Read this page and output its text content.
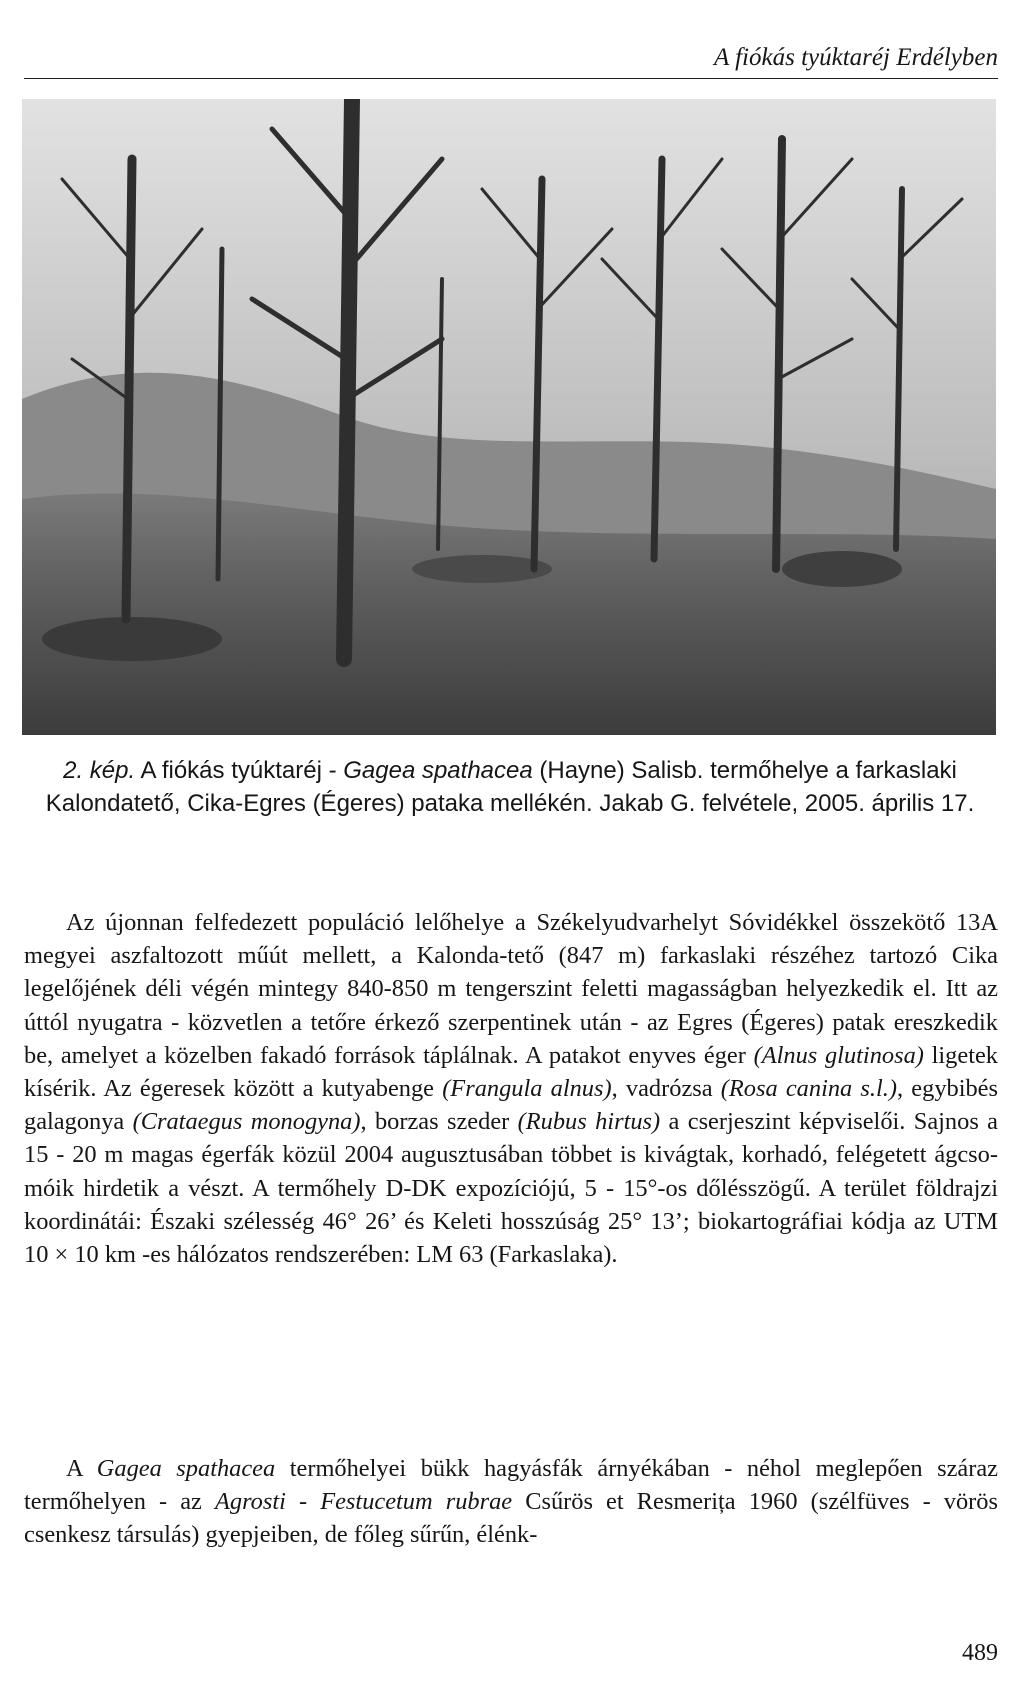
A fiókás tyúktaréj Erdélyben
2. kép. A fiókás tyúktaréj - Gagea spathacea (Hayne) Salisb. termőhelye a farkaslaki Kalondatető, Cika-Egres (Égeres) pataka mellékén. Jakab G. felvétele, 2005. április 17.
Az újonnan felfedezett populáció lelőhelye a Székelyudvarhelyt Sóvidékkel összekötő 13A megyei aszfaltozott műút mellett, a Kalonda-tető (847 m) farkaslaki részéhez tartozó Cika legelőjének déli végén mintegy 840-850 m tengerszint feletti magasságban helyezkedik el. Itt az úttól nyugatra - közvetlen a tetőre érkező szerpentinek után - az Egres (Égeres) patak ereszkedik be, amelyet a közelben fakadó források táplálnak. A patakot enyves éger (Alnus glutinosa) ligetek kísérik. Az égeresek között a kutyabenge (Frangula alnus), vadrózsa (Rosa canina s.l.), egybibés galagonya (Crataegus monogyna), borzas szeder (Rubus hirtus) a cserjeszint képviselői. Sajnos a 15 - 20 m magas égerfák közül 2004 augusztusában többet is kivágtak, korhadó, felégetett ágcsomóik hirdetik a vészt. A termőhely D-DK expozíciójú, 5 - 15°-os dőlésszögű. A terület földrajzi koordinátái: Északi szélesség 46° 26’ és Keleti hosszúság 25° 13’; biokartográfiai kódja az UTM 10 × 10 km -es hálózatos rendszerében: LM 63 (Farkaslaka).
A Gagea spathacea termőhelyei bükk hagyásfák árnyékában - néhol meglepően száraz termőhelyen - az Agrosti - Festucetum rubrae Csűrös et Resmerița 1960 (szélfüves - vörös csenkesz társulás) gyepjeiben, de főleg sűrűn, élénk-
489
